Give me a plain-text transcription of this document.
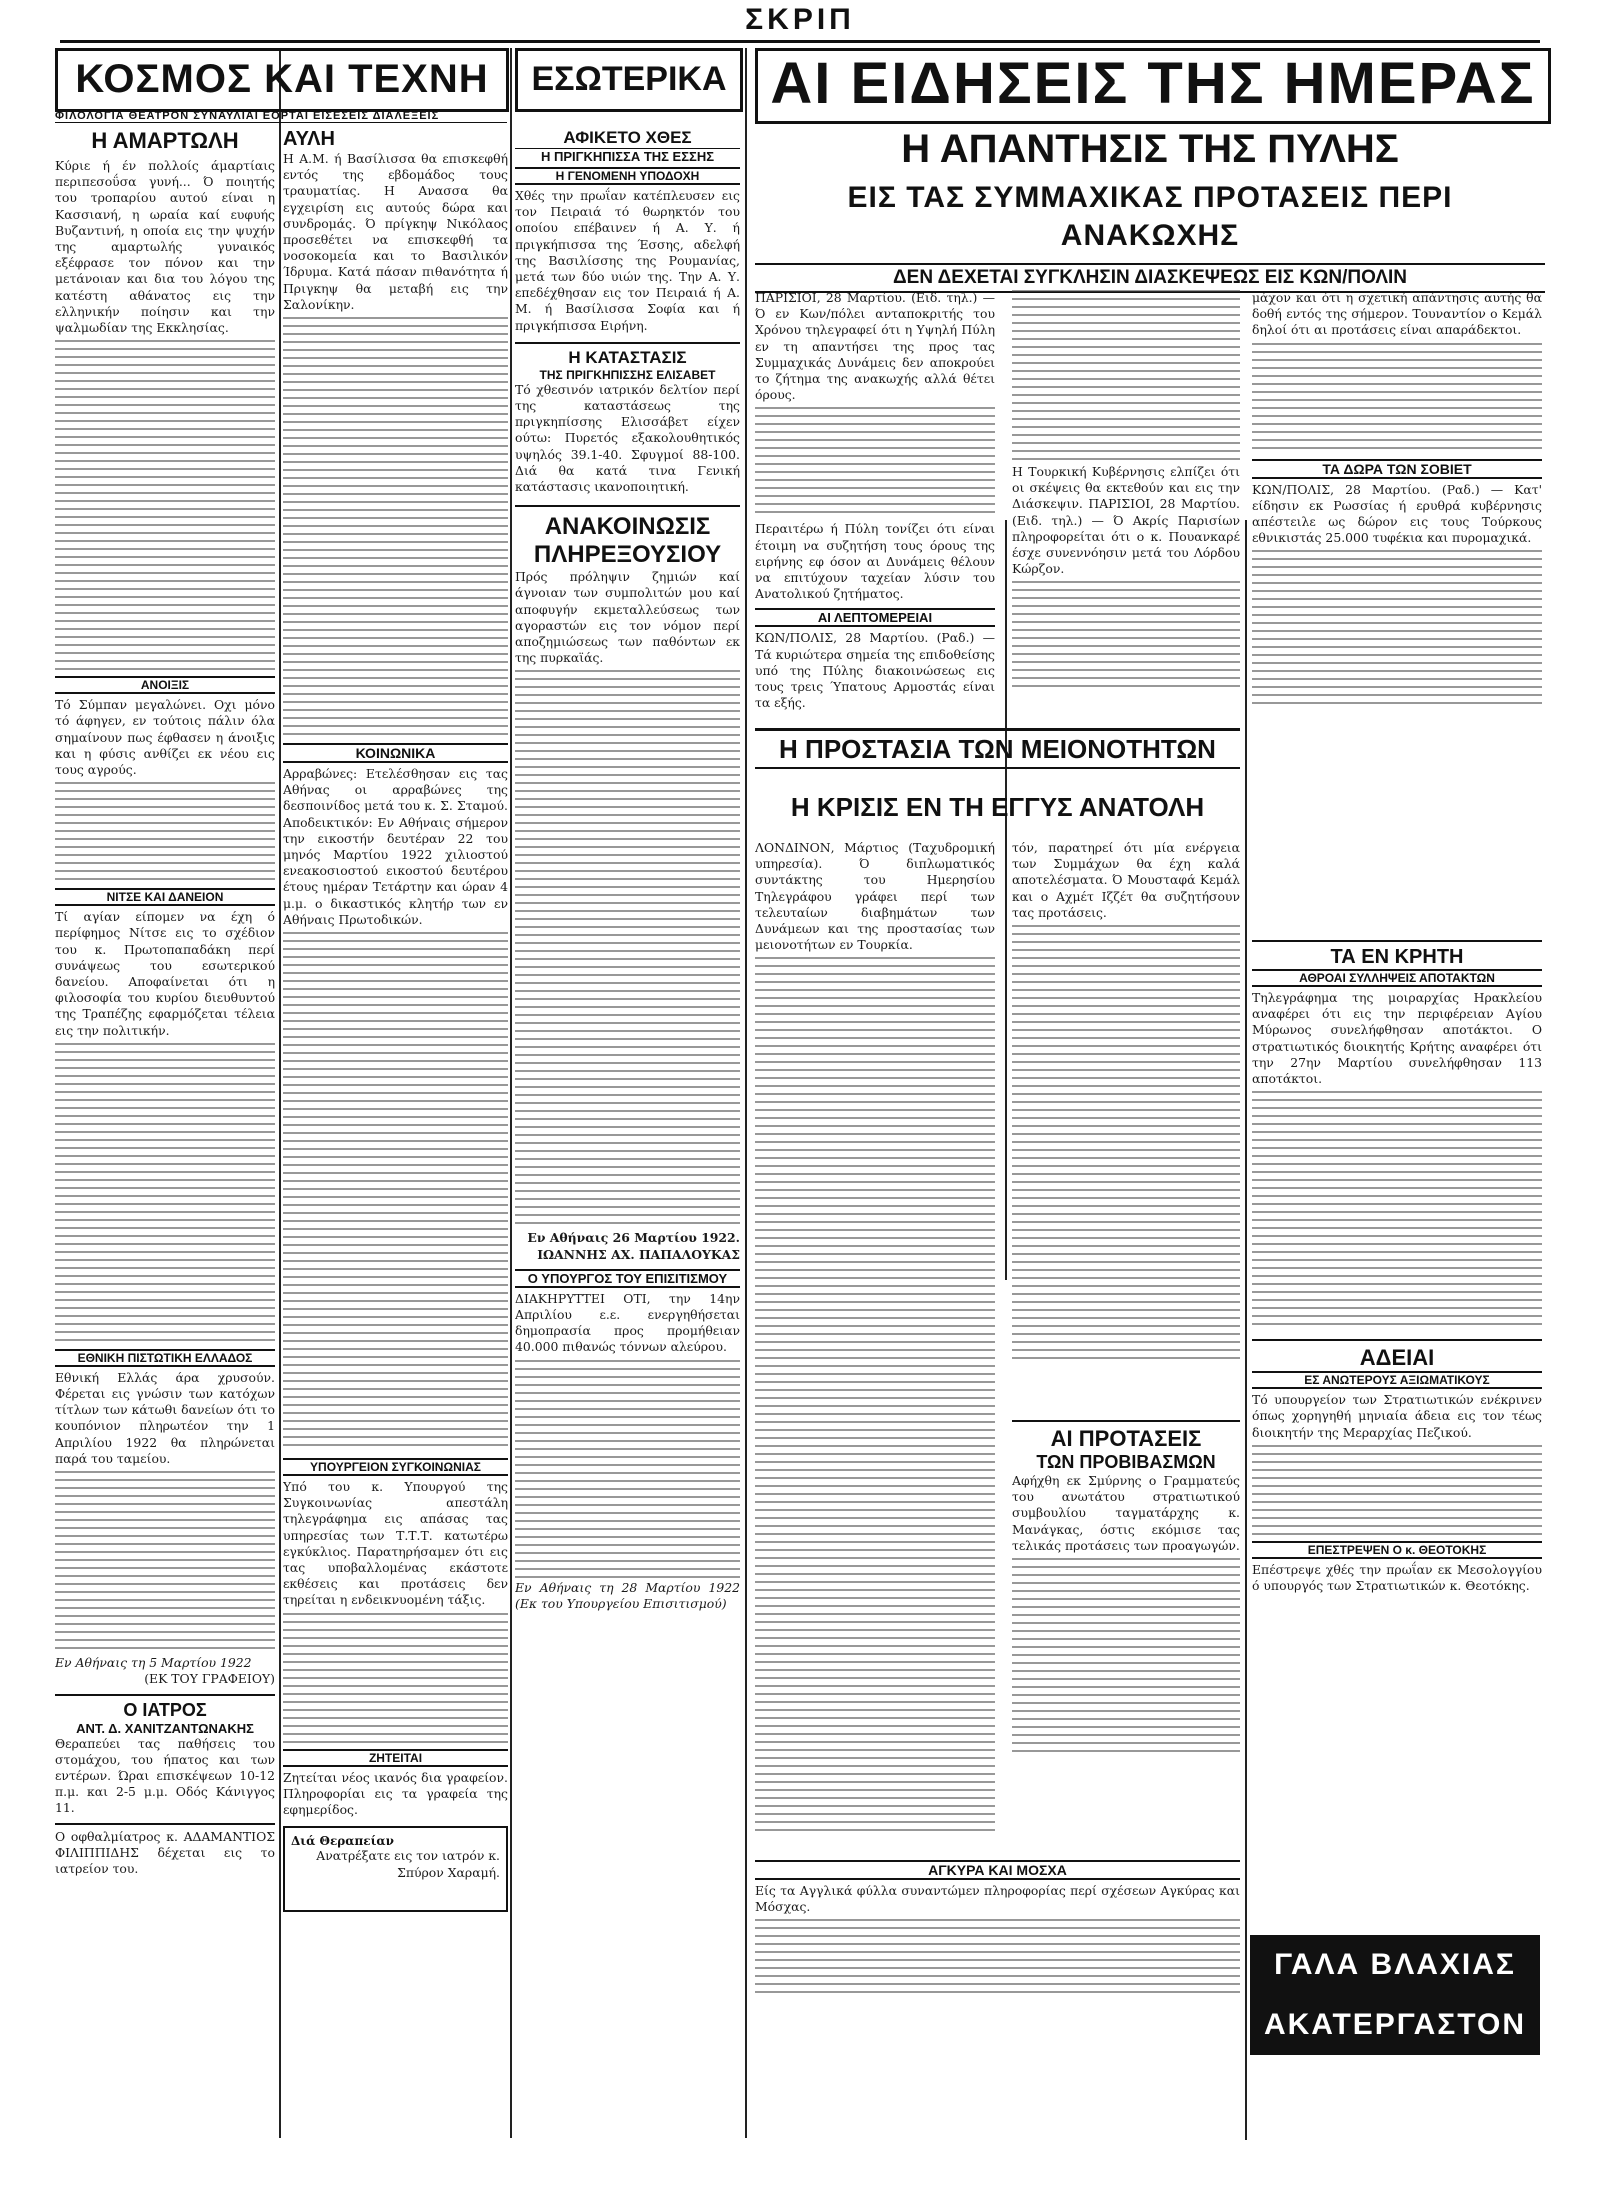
ΣΚΡΙΠ
ΚΟΣΜΟΣ ΚΑΙ ΤΕΧΝΗ	ΕΣΩΤΕΡΙΚΑ
ΦΙΛΟΛΟΓΙΑ ΘΕΑΤΡΟΝ ΣΥΝΑΥΛΙΑΙ ΕΟΡΤΑΙ ΕΙΣΕΣΕΙΣ ΔΙΑΛΕΞΕΙΣ	ΑΙ ΕΙΔΗΣΕΙΣ ΤΗΣ ΗΜΕΡΑΣ
Η ΑΜΑΡΤΩΛΗ

Κύριε ή έν πολλοίς άμαρτίαις περιπεσοΰσα γυνή... Ό ποιητής του τροπαρίου αυτού είναι η Κασσιανή, η ωραία καί ευφυής Βυζαντινή, η οποία εις την ψυχήν της αμαρτωλής γυναικός εξέφρασε τον πόνον και την μετάνοιαν και δια του λόγου της κατέστη αθάνατος εις την ελληνικήν ποίησιν και την ψαλμωδίαν της Εκκλησίας.

ΑΝΟΙΞΙΣ

Τό Σύμπαν μεγαλώνει. Οχι μόνο τό άφηγεν, εν τούτοις πάλιν όλα σημαίνουν πως έφθασεν η άνοιξις και η φύσις ανθίζει εκ νέου εις τους αγρούς.

ΝΙΤΣΕ ΚΑΙ ΔΑΝΕΙΟΝ

Τί αγίαν είπομεν να έχη ό περίφημος Νίτσε εις το σχέδιον του κ. Πρωτοπαπαδάκη περί συνάψεως του εσωτερικού δανείου. Αποφαίνεται ότι η φιλοσοφία του κυρίου διευθυντού της Τραπέζης εφαρμόζεται τέλεια εις την πολιτικήν.

ΕΘΝΙΚΗ ΠΙΣΤΩΤΙΚΗ ΕΛΛΑΔΟΣ

Εθνική Ελλάς άρα χρυσούν. Φέρεται εις γνώσιν των κατόχων τίτλων των κάτωθι δανείων ότι το κουπόνιον πληρωτέον την 1 Απριλίου 1922 θα πληρώνεται παρά του ταμείου.

Εν Αθήναις τη 5 Μαρτίου 1922

(ΕΚ ΤΟΥ ΓΡΑΦΕΙΟΥ)

Ο ΙΑΤΡΟΣ
ΑΝΤ. Δ. ΧΑΝΙΤΖΑΝΤΩΝΑΚΗΣ

Θεραπεύει τας παθήσεις του στομάχου, του ήπατος και των εντέρων. Ώραι επισκέψεων 10-12 π.μ. και 2-5 μ.μ. Οδός Κάνιγγος 11.

Ο οφθαλμίατρος κ. ΑΔΑΜΑΝΤΙΟΣ ΦΙΛΙΠΠΙΔΗΣ δέχεται εις το ιατρείον του.

ΑΥΛΗ

Η Α.Μ. ή Βασίλισσα θα επισκεφθή εντός της εβδομάδος τους τραυματίας. Η Ανασσα θα εγχειρίση εις αυτούς δώρα και συνδρομάς. Ό πρίγκηψ Νικόλαος προσεθέτει να επισκεφθή τα νοσοκομεία και το Βασιλικόν Ίδρυμα. Κατά πάσαν πιθανότητα ή Πριγκηψ θα μεταβή εις την Σαλονίκην.

ΚΟΙΝΩΝΙΚΑ

Αρραβώνες: Ετελέσθησαν εις τας Αθήνας οι αρραβώνες της δεσποινίδος μετά του κ. Σ. Σταμού. Αποδεικτικόν: Εν Αθήναις σήμερον την εικοστήν δευτέραν 22 του μηνός Μαρτίου 1922 χιλιοστού ενεακοσιοστού εικοστού δευτέρου έτους ημέραν Τετάρτην και ώραν 4 μ.μ. ο δικαστικός κλητήρ των εν Αθήναις Πρωτοδικών.

ΥΠΟΥΡΓΕΙΟΝ ΣΥΓΚΟΙΝΩΝΙΑΣ

Υπό του κ. Υπουργού της Συγκοινωνίας απεστάλη τηλεγράφημα εις απάσας τας υπηρεσίας των Τ.Τ.Τ. κατωτέρω εγκύκλιος. Παρατηρήσαμεν ότι εις τας υποβαλλομένας εκάστοτε εκθέσεις και προτάσεις δεν τηρείται η ενδεικνυομένη τάξις.

ΖΗΤΕΙΤΑΙ

Ζητείται νέος ικανός δια γραφείον. Πληροφορίαι εις τα γραφεία της εφημερίδος.

Διά Θεραπείαν

Ανατρέξατε εις τον ιατρόν κ. Σπύρον Χαραμή.

ΑΦΙΚΕΤΟ ΧΘΕΣ
Η ΠΡΙΓΚΗΠΙΣΣΑ ΤΗΣ ΕΣΣΗΣ
Η ΓΕΝΟΜΕΝΗ ΥΠΟΔΟΧΗ

Χθές την πρωΐαν κατέπλευσεν εις τον Πειραιά τό θωρηκτόν του οποίου επέβαινεν ή Α. Υ. ή πριγκήπισσα της Έσσης, αδελφή της Βασιλίσσης της Ρουμανίας, μετά των δύο υιών της. Την Α. Υ. επεδέχθησαν εις τον Πειραιά ή Α. Μ. ή Βασίλισσα Σοφία και ή πριγκήπισσα Ειρήνη.

Η ΚΑΤΑΣΤΑΣΙΣ
ΤΗΣ ΠΡΙΓΚΗΠΙΣΣΗΣ ΕΛΙΣΑΒΕΤ

Τό χθεσινόν ιατρικόν δελτίον περί της καταστάσεως της πριγκηπίσσης Ελισσάβετ είχεν ούτω: Πυρετός εξακολουθητικός υψηλός 39.1-40. Σφυγμοί 88-100. Διά θα κατά τινα Γενική κατάστασις ικανοποιητική.

ΑΝΑΚΟΙΝΩΣΙΣ
ΠΛΗΡΕΞΟΥΣΙΟΥ

Πρός πρόληψιν ζημιών καί άγνοιαν των συμπολιτών μου καί αποφυγήν εκμεταλλεύσεως των αγοραστών εις τον νόμον περί αποζημιώσεως των παθόντων εκ της πυρκαϊάς.

Εν Αθήναις 26 Μαρτίου 1922. ΙΩΑΝΝΗΣ ΑΧ. ΠΑΠΑΛΟΥΚΑΣ

Ο ΥΠΟΥΡΓΟΣ ΤΟΥ ΕΠΙΣΙΤΙΣΜΟΥ

ΔΙΑΚΗΡΥΤΤΕΙ ΟΤΙ, την 14ην Απριλίου ε.ε. ενεργηθήσεται δημοπρασία προς προμήθειαν 40.000 πιθανώς τόννων αλεύρου.

Εν Αθήναις τη 28 Μαρτίου 1922 (Εκ του Υπουργείου Επισιτισμού)

Η ΑΠΑΝΤΗΣΙΣ ΤΗΣ ΠΥΛΗΣ
ΕΙΣ ΤΑΣ ΣΥΜΜΑΧΙΚΑΣ ΠΡΟΤΑΣΕΙΣ ΠΕΡΙ ΑΝΑΚΩΧΗΣ
ΔΕΝ ΔΕΧΕΤΑΙ ΣΥΓΚΛΗΣΙΝ ΔΙΑΣΚΕΨΕΩΣ ΕΙΣ ΚΩΝ/ΠΟΛΙΝ

ΠΑΡΙΣΙΟΙ, 28 Μαρτίου. (Ειδ. τηλ.) — Ό εν Κων/πόλει ανταποκριτής του Χρόνου τηλεγραφεί ότι η Υψηλή Πύλη εν τη απαντήσει της προς τας Συμμαχικάς Δυνάμεις δεν αποκρούει το ζήτημα της ανακωχής αλλά θέτει όρους.

Περαιτέρω ή Πύλη τονίζει ότι είναι έτοιμη να συζητήση τους όρους της ειρήνης εφ όσον αι Δυνάμεις θέλουν να επιτύχουν ταχείαν λύσιν του Ανατολικού ζητήματος.

ΑΙ ΛΕΠΤΟΜΕΡΕΙΑΙ

ΚΩΝ/ΠΟΛΙΣ, 28 Μαρτίου. (Ραδ.) — Τά κυριώτερα σημεία της επιδοθείσης υπό της Πύλης διακοινώσεως εις τους τρεις Ύπατους Αρμοστάς είναι τα εξής.

Η Τουρκική Κυβέρνησις ελπίζει ότι οι σκέψεις θα εκτεθούν και εις την Διάσκεψιν. ΠΑΡΙΣΙΟΙ, 28 Μαρτίου. (Ειδ. τηλ.) — Ό Ακρίς Παρισίων πληροφορείται ότι ο κ. Πουανκαρέ έσχε συνεννόησιν μετά του Λόρδου Κώρζον.

μάχον και ότι η σχετική απάντησις αυτής θα δοθή εντός της σήμερον. Τουναντίον ο Κεμάλ δηλοί ότι αι προτάσεις είναι απαράδεκτοι.

ΤΑ ΔΩΡΑ ΤΩΝ ΣΟΒΙΕΤ

ΚΩΝ/ΠΟΛΙΣ, 28 Μαρτίου. (Ραδ.) — Κατ' είδησιν εκ Ρωσσίας ή ερυθρά κυβέρνησις απέστειλε ως δώρον εις τους Τούρκους εθνικιστάς 25.000 τυφέκια και πυρομαχικά.

Η ΠΡΟΣΤΑΣΙΑ ΤΩΝ ΜΕΙΟΝΟΤΗΤΩΝ
Η ΚΡΙΣΙΣ ΕΝ ΤΗ ΕΓΓΥΣ ΑΝΑΤΟΛΗ

ΛΟΝΔΙΝΟΝ, Μάρτιος (Ταχυδρομική υπηρεσία). Ό διπλωματικός συντάκτης του Ημερησίου Τηλεγράφου γράφει περί των τελευταίων διαβημάτων των Δυνάμεων και της προστασίας των μειονοτήτων εν Τουρκία.

τόν, παρατηρεί ότι μία ενέργεια των Συμμάχων θα έχη καλά αποτελέσματα. Ό Μουσταφά Κεμάλ και ο Αχμέτ Ιζζέτ θα συζητήσουν τας προτάσεις.

ΑΙ ΠΡΟΤΑΣΕΙΣ
ΤΩΝ ΠΡΟΒΙΒΑΣΜΩΝ

Αφήχθη εκ Σμύρνης ο Γραμματεύς του ανωτάτου στρατιωτικού συμβουλίου ταγματάρχης κ. Μανάγκας, όστις εκόμισε τας τελικάς προτάσεις των προαγωγών.

ΑΓΚΥΡΑ ΚΑΙ ΜΟΣΧΑ

Είς τα Αγγλικά φύλλα συναντώμεν πληροφορίας περί σχέσεων Αγκύρας και Μόσχας.

ΤΑ ΕΝ ΚΡΗΤΗ
ΑΘΡΟΑΙ ΣΥΛΛΗΨΕΙΣ ΑΠΟΤΑΚΤΩΝ

Τηλεγράφημα της μοιραρχίας Ηρακλείου αναφέρει ότι εις την περιφέρειαν Αγίου Μύρωνος συνελήφθησαν αποτάκτοι. Ο στρατιωτικός διοικητής Κρήτης αναφέρει ότι την 27ην Μαρτίου συνελήφθησαν 113 αποτάκτοι.

ΑΔΕΙΑΙ
ΕΣ ΑΝΩΤΕΡΟΥΣ ΑΞΙΩΜΑΤΙΚΟΥΣ

Τό υπουργείον των Στρατιωτικών ενέκρινεν όπως χορηγηθή μηνιαία άδεια εις τον τέως διοικητήν της Μεραρχίας Πεζικού.

ΕΠΕΣΤΡΕΨΕΝ Ο κ. ΘΕΟΤΟΚΗΣ

Επέστρεψε χθές την πρωΐαν εκ Μεσολογγίου ό υπουργός των Στρατιωτικών κ. Θεοτόκης.

ΓΑΛΑ ΒΛΑΧΙΑΣ ΑΚΑΤΕΡΓΑΣΤΟΝ
